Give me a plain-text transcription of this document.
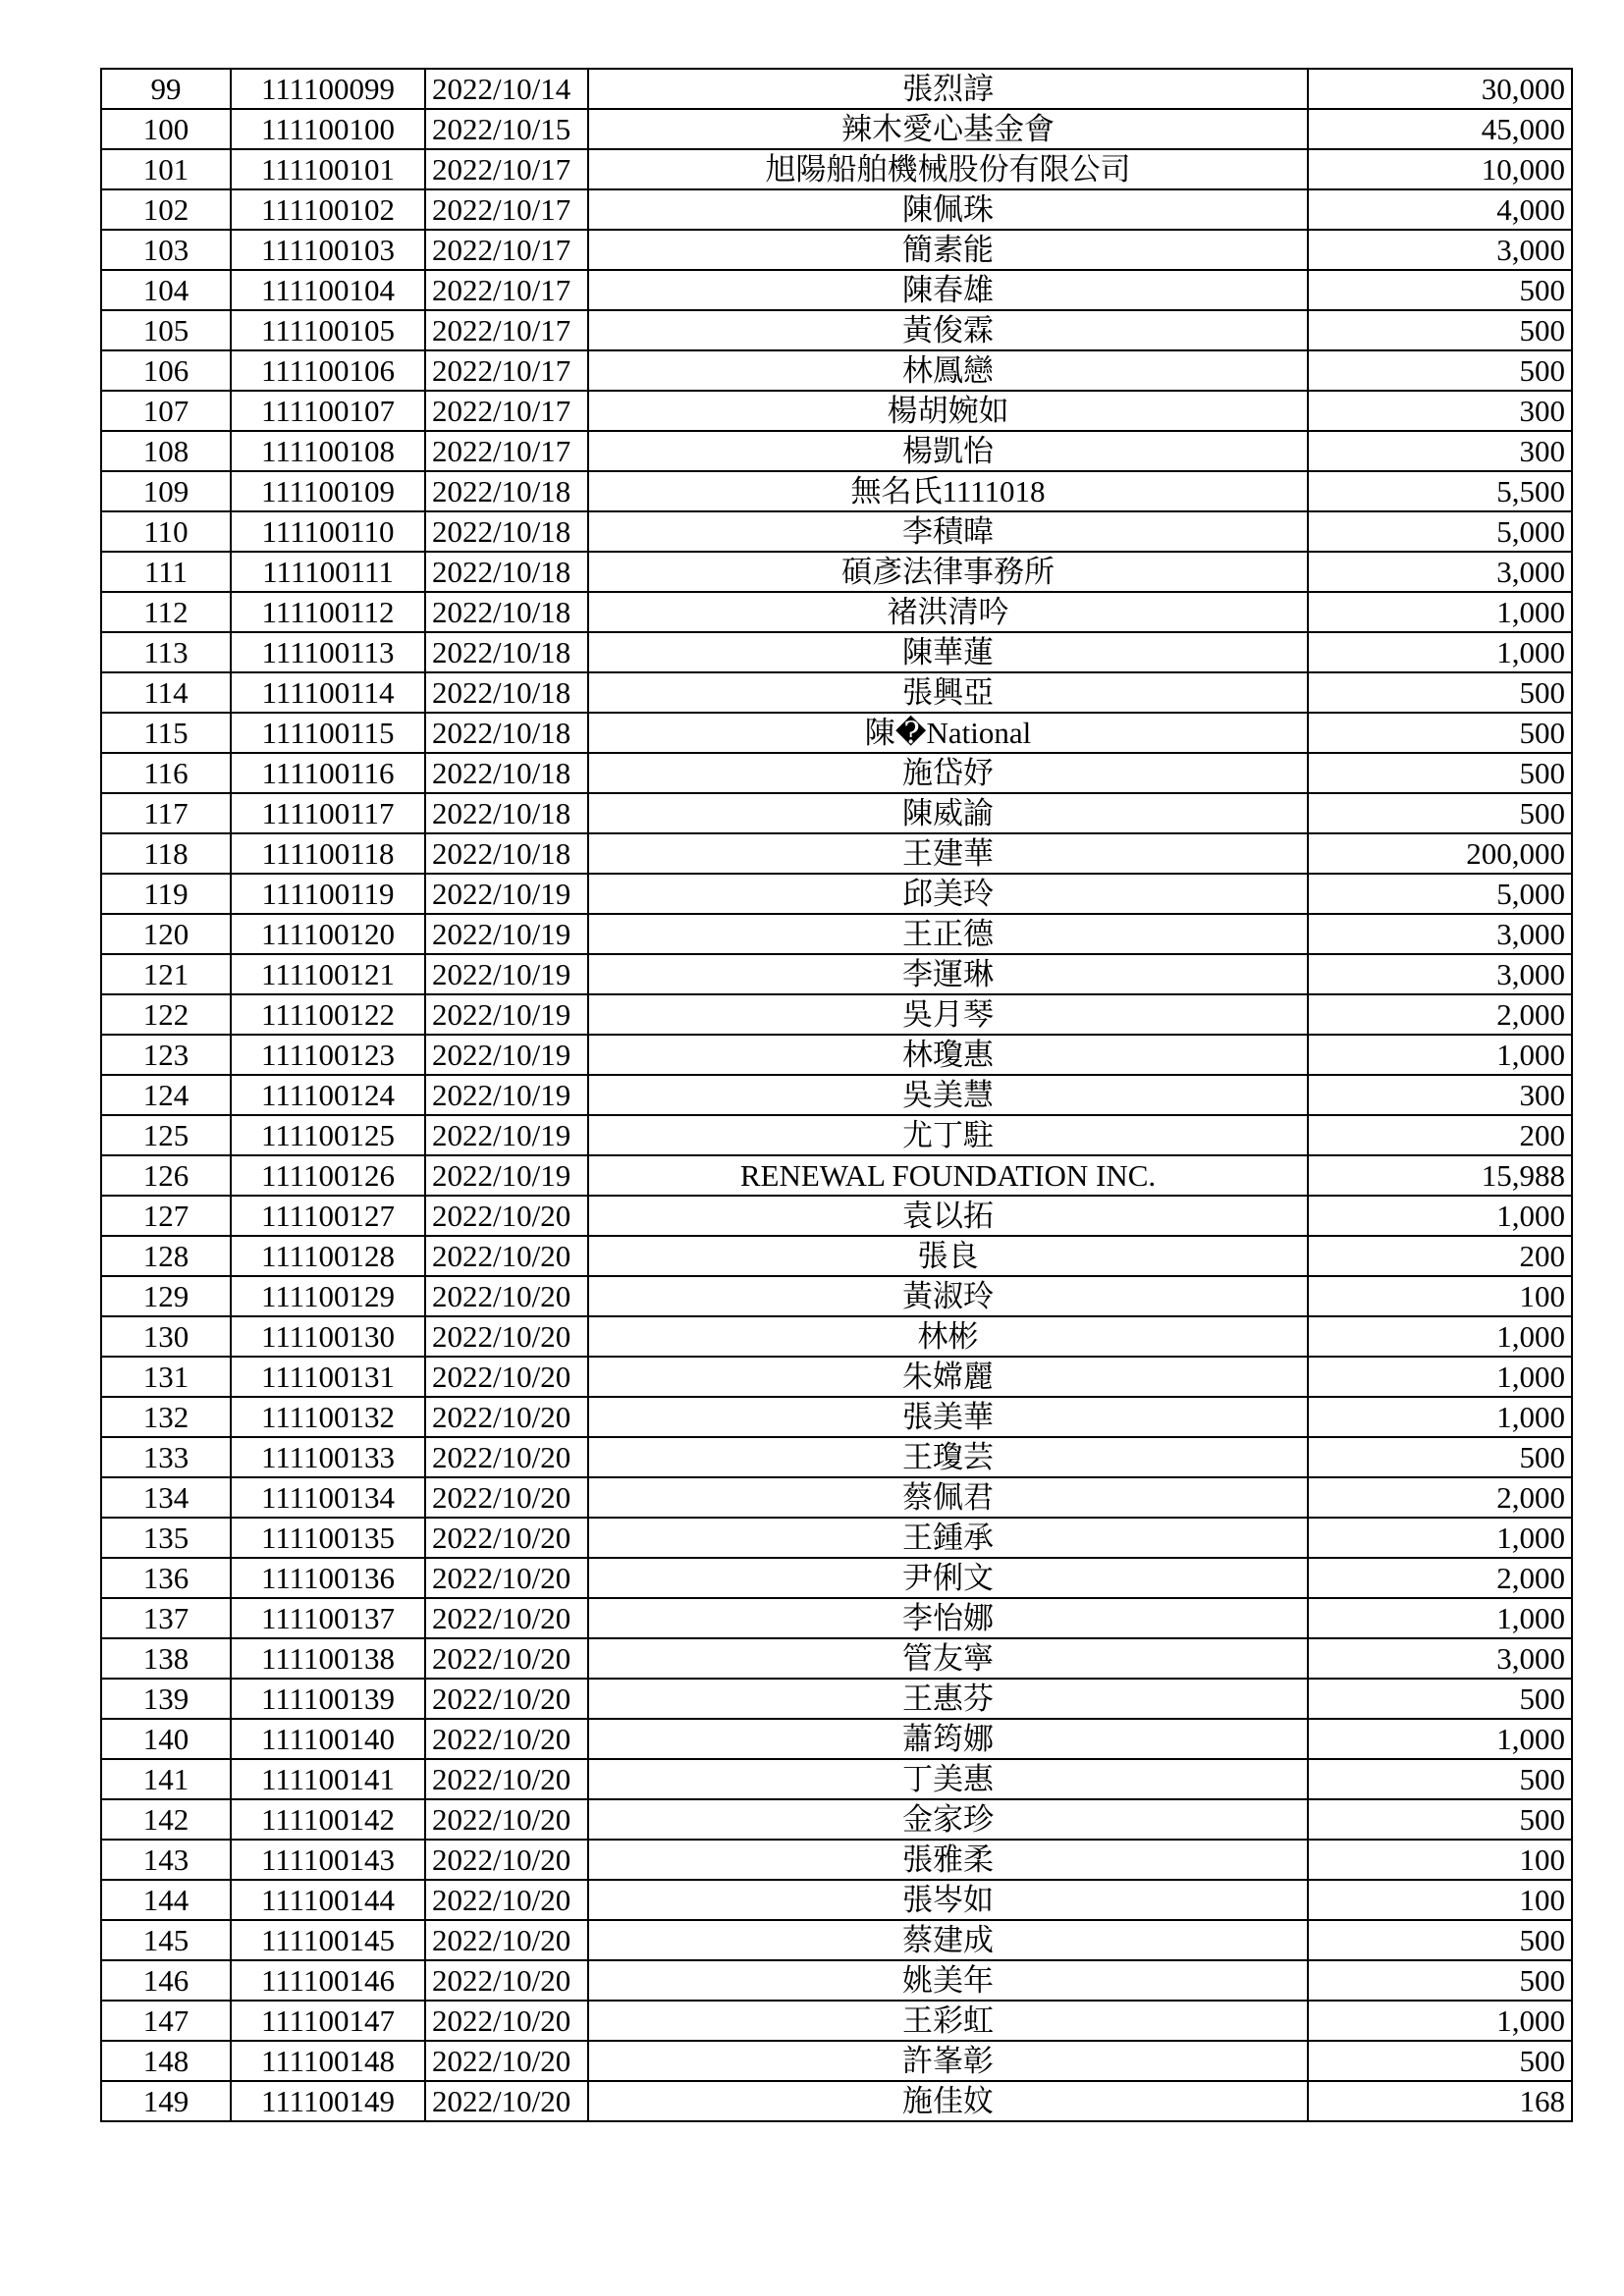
99	111100099	2022/10/14	張烈諄	30,000
100	111100100	2022/10/15	辣木愛心基金會	45,000
101	111100101	2022/10/17	旭陽船舶機械股份有限公司	10,000
102	111100102	2022/10/17	陳佩珠	4,000
103	111100103	2022/10/17	簡素能	3,000
104	111100104	2022/10/17	陳春雄	500
105	111100105	2022/10/17	黃俊霖	500
106	111100106	2022/10/17	林鳳戀	500
107	111100107	2022/10/17	楊胡婉如	300
108	111100108	2022/10/17	楊凱怡	300
109	111100109	2022/10/18	無名氏1111018	5,500
110	111100110	2022/10/18	李積暐	5,000
111	111100111	2022/10/18	碩彥法律事務所	3,000
112	111100112	2022/10/18	褚洪清吟	1,000
113	111100113	2022/10/18	陳華蓮	1,000
114	111100114	2022/10/18	張興亞	500
115	111100115	2022/10/18	陳�National	500
116	111100116	2022/10/18	施岱妤	500
117	111100117	2022/10/18	陳威諭	500
118	111100118	2022/10/18	王建華	200,000
119	111100119	2022/10/19	邱美玲	5,000
120	111100120	2022/10/19	王正德	3,000
121	111100121	2022/10/19	李運琳	3,000
122	111100122	2022/10/19	吳月琴	2,000
123	111100123	2022/10/19	林瓊惠	1,000
124	111100124	2022/10/19	吳美慧	300
125	111100125	2022/10/19	尤丁駐	200
126	111100126	2022/10/19	RENEWAL FOUNDATION INC.	15,988
127	111100127	2022/10/20	袁以拓	1,000
128	111100128	2022/10/20	張良	200
129	111100129	2022/10/20	黃淑玲	100
130	111100130	2022/10/20	林彬	1,000
131	111100131	2022/10/20	朱嫦麗	1,000
132	111100132	2022/10/20	張美華	1,000
133	111100133	2022/10/20	王瓊芸	500
134	111100134	2022/10/20	蔡佩君	2,000
135	111100135	2022/10/20	王鍾承	1,000
136	111100136	2022/10/20	尹俐文	2,000
137	111100137	2022/10/20	李怡娜	1,000
138	111100138	2022/10/20	管友寧	3,000
139	111100139	2022/10/20	王惠芬	500
140	111100140	2022/10/20	蕭筠娜	1,000
141	111100141	2022/10/20	丁美惠	500
142	111100142	2022/10/20	金家珍	500
143	111100143	2022/10/20	張雅柔	100
144	111100144	2022/10/20	張岑如	100
145	111100145	2022/10/20	蔡建成	500
146	111100146	2022/10/20	姚美年	500
147	111100147	2022/10/20	王彩虹	1,000
148	111100148	2022/10/20	許峯彰	500
149	111100149	2022/10/20	施佳妏	168
